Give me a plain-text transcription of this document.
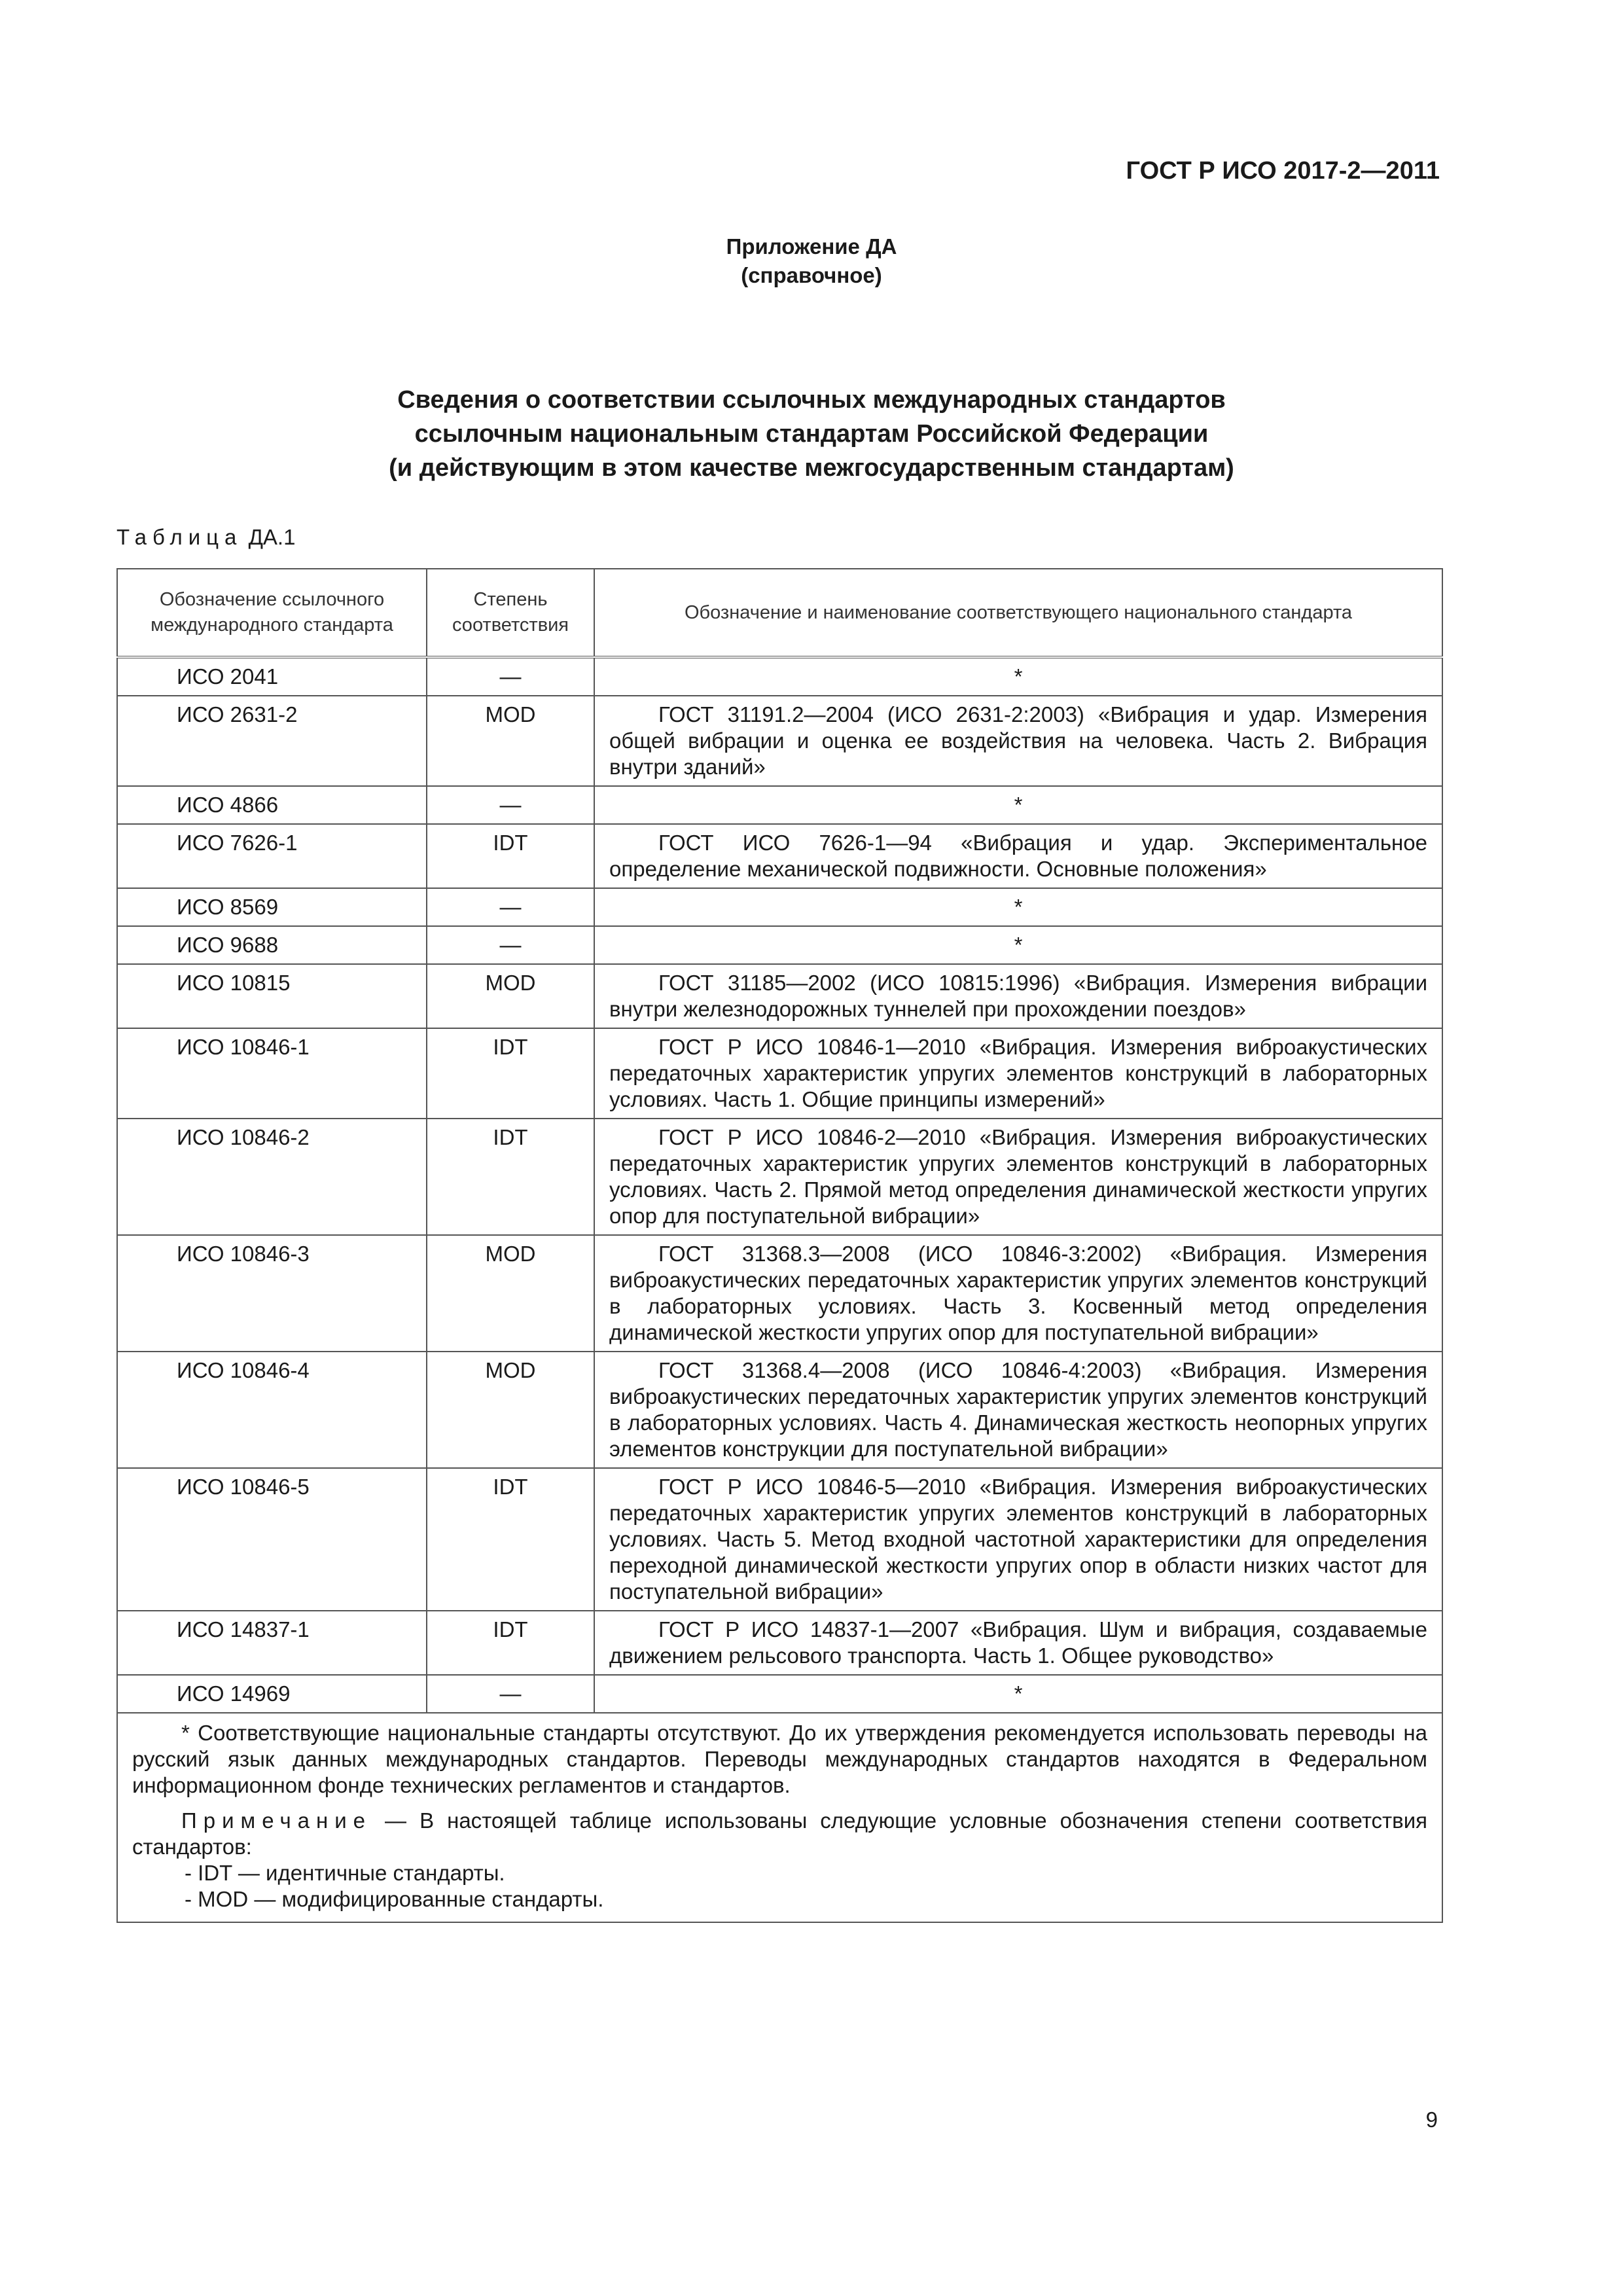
ГОСТ Р ИСО 2017-2—2011
Приложение ДА
(справочное)
Сведения о соответствии ссылочных международных стандартов
ссылочным национальным стандартам Российской Федерации
(и действующим в этом качестве межгосударственным стандартам)
Таблица ДА.1
Обозначение ссылочного международного стандарта	Степень соответствия	Обозначение и наименование соответствующего национального стандарта
ИСО 2041	—	*
ИСО 2631-2	MOD	ГОСТ 31191.2—2004 (ИСО 2631-2:2003) «Вибрация и удар. Измерения общей вибрации и оценка ее воздействия на человека. Часть 2. Вибрация внутри зданий»
ИСО 4866	—	*
ИСО 7626-1	IDT	ГОСТ ИСО 7626-1—94 «Вибрация и удар. Экспериментальное определение механической подвижности. Основные положения»
ИСО 8569	—	*
ИСО 9688	—	*
ИСО 10815	MOD	ГОСТ 31185—2002 (ИСО 10815:1996) «Вибрация. Измерения вибрации внутри железнодорожных туннелей при прохождении поездов»
ИСО 10846-1	IDT	ГОСТ Р ИСО 10846-1—2010 «Вибрация. Измерения виброакустических передаточных характеристик упругих элементов конструкций в лабораторных условиях. Часть 1. Общие принципы измерений»
ИСО 10846-2	IDT	ГОСТ Р ИСО 10846-2—2010 «Вибрация. Измерения виброакустических передаточных характеристик упругих элементов конструкций в лабораторных условиях. Часть 2. Прямой метод определения динамической жесткости упругих опор для поступательной вибрации»
ИСО 10846-3	MOD	ГОСТ 31368.3—2008 (ИСО 10846-3:2002) «Вибрация. Измерения виброакустических передаточных характеристик упругих элементов конструкций в лабораторных условиях. Часть 3. Косвенный метод определения динамической жесткости упругих опор для поступательной вибрации»
ИСО 10846-4	MOD	ГОСТ 31368.4—2008 (ИСО 10846-4:2003) «Вибрация. Измерения виброакустических передаточных характеристик упругих элементов конструкций в лабораторных условиях. Часть 4. Динамическая жесткость неопорных упругих элементов конструкции для поступательной вибрации»
ИСО 10846-5	IDT	ГОСТ Р ИСО 10846-5—2010 «Вибрация. Измерения виброакустических передаточных характеристик упругих элементов конструкций в лабораторных условиях. Часть 5. Метод входной частотной характеристики для определения переходной динамической жесткости упругих опор в области низких частот для поступательной вибрации»
ИСО 14837-1	IDT	ГОСТ Р ИСО 14837-1—2007 «Вибрация. Шум и вибрация, создаваемые движением рельсового транспорта. Часть 1. Общее руководство»
ИСО 14969	—	*

* Соответствующие национальные стандарты отсутствуют. До их утверждения рекомендуется использовать переводы на русский язык данных международных стандартов. Переводы международных стандартов находятся в Федеральном информационном фонде технических регламентов и стандартов.

Примечание — В настоящей таблице использованы следующие условные обозначения степени соответствия стандартов:

- IDT — идентичные стандарты.

- MOD — модифицированные стандарты.		

9
